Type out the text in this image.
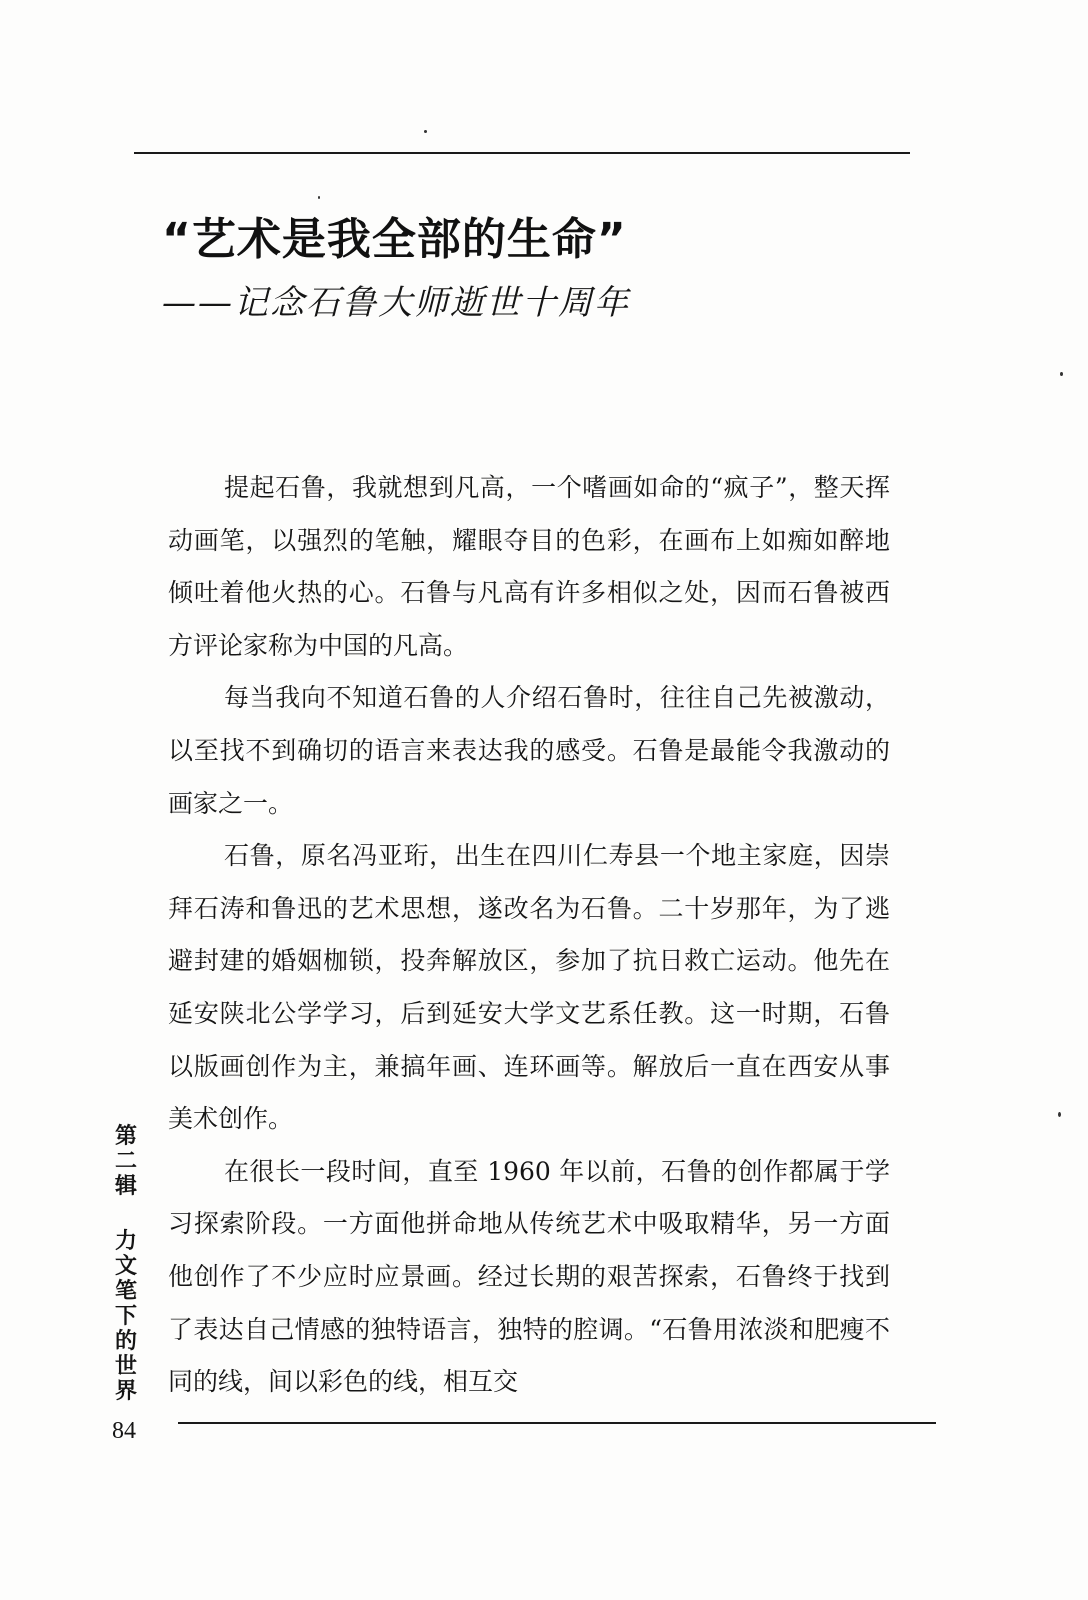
“艺术是我全部的生命”
——记念石鲁大师逝世十周年

提起石鲁，我就想到凡高，一个嗜画如命的“疯子”，整天挥动画笔，以强烈的笔触，耀眼夺目的色彩，在画布上如痴如醉地倾吐着他火热的心。石鲁与凡高有许多相似之处，因而石鲁被西方评论家称为中国的凡高。

每当我向不知道石鲁的人介绍石鲁时，往往自己先被激动，以至找不到确切的语言来表达我的感受。石鲁是最能令我激动的画家之一。

石鲁，原名冯亚珩，出生在四川仁寿县一个地主家庭，因崇拜石涛和鲁迅的艺术思想，遂改名为石鲁。二十岁那年，为了逃避封建的婚姻枷锁，投奔解放区，参加了抗日救亡运动。他先在延安陕北公学学习，后到延安大学文艺系任教。这一时期，石鲁以版画创作为主，兼搞年画、连环画等。解放后一直在西安从事美术创作。

在很长一段时间，直至 1960 年以前，石鲁的创作都属于学习探索阶段。一方面他拼命地从传统艺术中吸取精华，另一方面他创作了不少应时应景画。经过长期的艰苦探索，石鲁终于找到了表达自己情感的独特语言，独特的腔调。“石鲁用浓淡和肥瘦不同的线，间以彩色的线，相互交

第二辑
力文笔下的世界
84
